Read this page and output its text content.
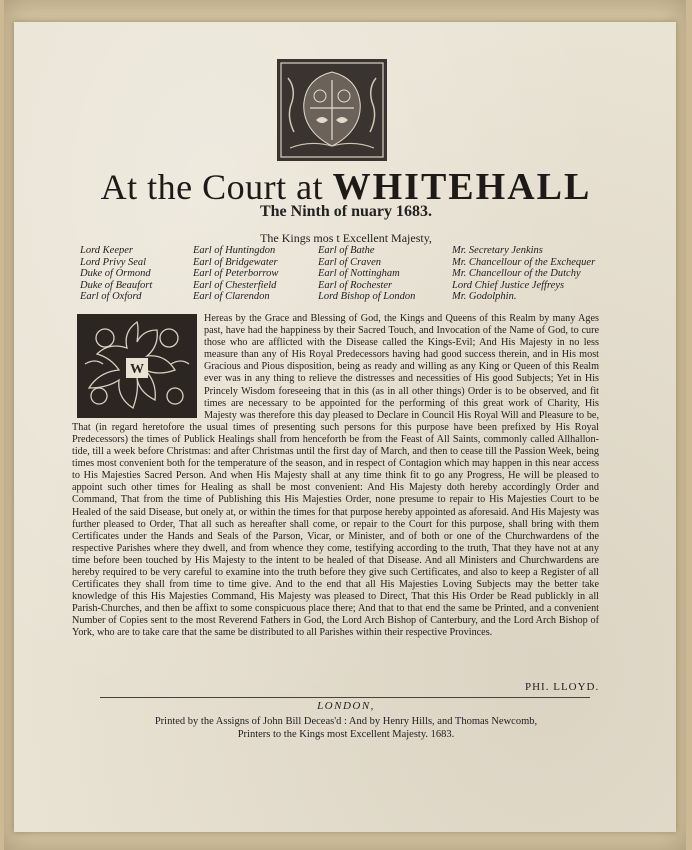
At the Court at WHITEHALL
The Ninth of nuary 1683.
The Kings mos t Excellent Majesty,
Lord Keeper
Lord Privy Seal
Duke of Ormond
Duke of Beaufort
Earl of Oxford
Earl of Huntingdon
Earl of Bridgewater
Earl of Peterborrow
Earl of Chesterfield
Earl of Clarendon
Earl of Bathe
Earl of Craven
Earl of Nottingham
Earl of Rochester
Lord Bishop of London
Mr. Secretary Jenkins
Mr. Chancellour of the Exchequer
Mr. Chancellour of the Dutchy
Lord Chief Justice Jeffreys
Mr. Godolphin.
W
Hereas by the Grace and Blessing of God, the Kings and Queens of this Realm by many Ages past, have had the happiness by their Sacred Touch, and Invocation of the Name of God, to cure those who are afflicted with the Disease called the Kings-Evil; And His Majesty in no less measure than any of His Royal Predecessors having had good success therein, and in His most Gracious and Pious disposition, being as ready and willing as any King or Queen of this Realm ever was in any thing to relieve the distresses and necessities of His good Subjects; Yet in His Princely Wisdom foreseeing that in this (as in all other things) Order is to be observed, and fit times are necessary to be appointed for the performing of this great work of Charity, His Majesty was therefore this day pleased to Declare in Council His Royal Will and Pleasure to be, That (in regard heretofore the usual times of presenting such persons for this purpose have been prefixed by His Royal Predecessors) the times of Publick Healings shall from henceforth be from the Feast of All Saints, commonly called Allhallon-tide, till a week before Christmas: and after Christmas until the first day of March, and then to cease till the Passion Week, being times most convenient both for the temperature of the season, and in respect of Contagion which may happen in this near access to His Majesties Sacred Person. And when His Majesty shall at any time think fit to go any Progress, He will be pleased to appoint such other times for Healing as shall be most convenient: And His Majesty doth hereby accordingly Order and Command, That from the time of Publishing this His Majesties Order, none presume to repair to His Majesties Court to be Healed of the said Disease, but onely at, or within the times for that purpose hereby appointed as aforesaid. And His Majesty was further pleased to Order, That all such as hereafter shall come, or repair to the Court for this purpose, shall bring with them Certificates under the Hands and Seals of the Parson, Vicar, or Minister, and of both or one of the Churchwardens of the respective Parishes where they dwell, and from whence they come, testifying according to the truth, That they have not at any time before been touched by His Majesty to the intent to be healed of that Disease. And all Ministers and Churchwardens are hereby required to be very careful to examine into the truth before they give such Certificates, and also to keep a Register of all Certificates they shall from time to time give. And to the end that all His Majesties Loving Subjects may the better take knowledge of this His Majesties Command, His Majesty was pleased to Direct, That this His Order be Read publickly in all Parish-Churches, and then be affixt to some conspicuous place there; And that to that end the same be Printed, and a convenient Number of Copies sent to the most Reverend Fathers in God, the Lord Arch Bishop of Canterbury, and the Lord Arch Bishop of York, who are to take care that the same be distributed to all Parishes within their respective Provinces.
PHI. LLOYD.
LONDON,
Printed by the Assigns of John Bill Deceas'd : And by Henry Hills, and Thomas Newcomb,
Printers to the Kings most Excellent Majesty. 1683.
